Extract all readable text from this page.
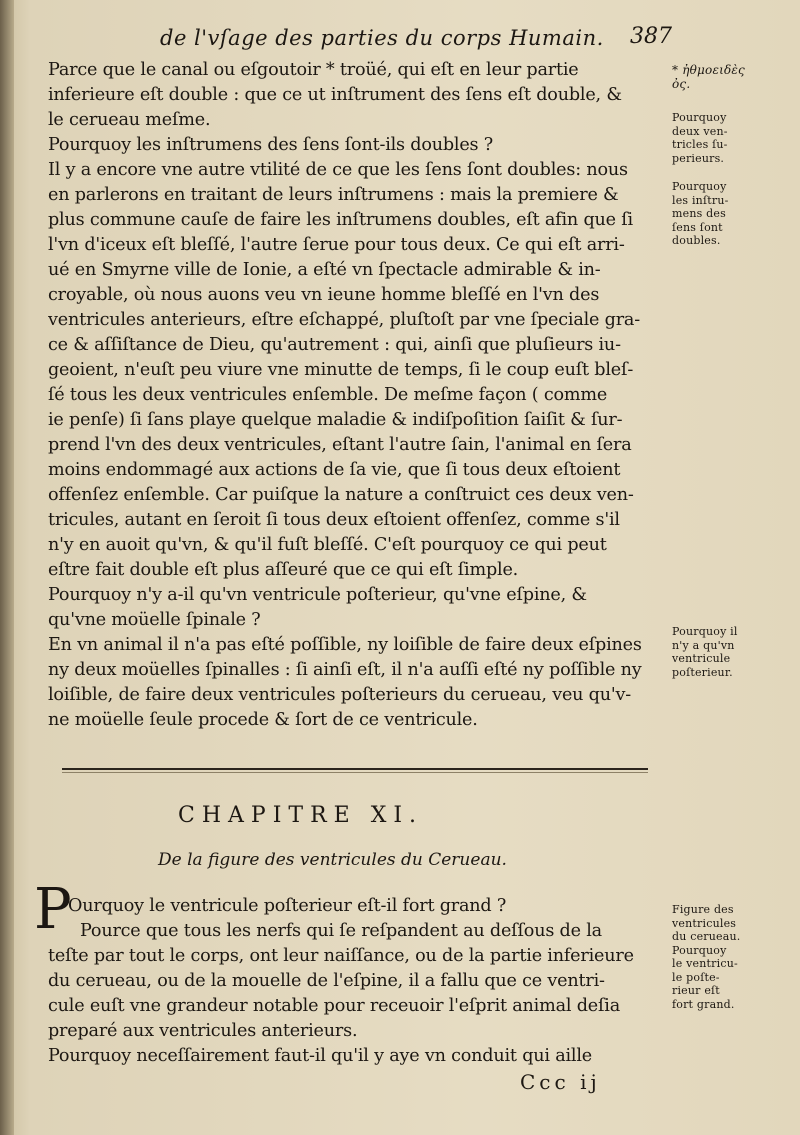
de l'vſage des parties du corps Humain. 387
Parce que le canal ou eſgoutoir * troüé, qui eſt en leur partie
inferieure eſt double : que ce ut inſtrument des ſens eſt double, &
le cerueau meſme.
Pourquoy les inſtrumens des ſens ſont-ils doubles ?
Il y a encore vne autre vtilité de ce que les ſens ſont doubles: nous
en parlerons en traitant de leurs inſtrumens : mais la premiere &
plus commune cauſe de faire les inſtrumens doubles, eſt afin que ſi
l'vn d'iceux eſt bleſſé, l'autre ſerue pour tous deux. Ce qui eſt arri-
ué en Smyrne ville de Ionie, a eſté vn ſpectacle admirable & in-
croyable, où nous auons veu vn ieune homme bleſſé en l'vn des
ventricules anterieurs, eſtre eſchappé, pluſtoſt par vne ſpeciale gra-
ce & aſſiſtance de Dieu, qu'autrement : qui, ainſi que pluſieurs iu-
geoient, n'euſt peu viure vne minutte de temps, ſi le coup euſt bleſ-
ſé tous les deux ventricules enſemble. De meſme façon ( comme
ie penſe) ſi ſans playe quelque maladie & indiſpoſition ſaiſit & ſur-
prend l'vn des deux ventricules, eſtant l'autre ſain, l'animal en ſera
moins endommagé aux actions de ſa vie, que ſi tous deux eſtoient
offenſez enſemble. Car puiſque la nature a conſtruict ces deux ven-
tricules, autant en ſeroit ſi tous deux eſtoient offenſez, comme s'il
n'y en auoit qu'vn, & qu'il fuſt bleſſé. C'eſt pourquoy ce qui peut
eſtre fait double eſt plus aſſeuré que ce qui eſt ſimple.
Pourquoy n'y a-il qu'vn ventricule poſterieur, qu'vne eſpine, &
qu'vne moüelle ſpinale ?
En vn animal il n'a pas eſté poſſible, ny loiſible de faire deux eſpines
ny deux moüelles ſpinalles : ſi ainſi eſt, il n'a auſſi eſté ny poſſible ny
loiſible, de faire deux ventricules poſterieurs du cerueau, veu qu'v-
ne moüelle ſeule procede & ſort de ce ventricule.
* ἠθμοειδὲς
ὀς.
Pourquoy
deux ven-
tricles ſu-
perieurs.
Pourquoy
les inſtru-
mens des
ſens ſont
doubles.
Pourquoy il
n'y a qu'vn
ventricule
poſterieur.
Figure des
ventricules
du cerueau.
Pourquoy
le ventricu-
le poſte-
rieur eſt
fort grand.
CHAPITRE XI.
De la figure des ventricules du Cerueau.
P
Ourquoy le ventricule poſterieur eſt-il fort grand ?
Pource que tous les nerfs qui ſe reſpandent au deſſous de la
teſte par tout le corps, ont leur naiſſance, ou de la partie inferieure
du cerueau, ou de la mouelle de l'eſpine, il a fallu que ce ventri-
cule euſt vne grandeur notable pour receuoir l'eſprit animal deſia
preparé aux ventricules anterieurs.
Pourquoy neceſſairement faut-il qu'il y aye vn conduit qui aille
Ccc ij
